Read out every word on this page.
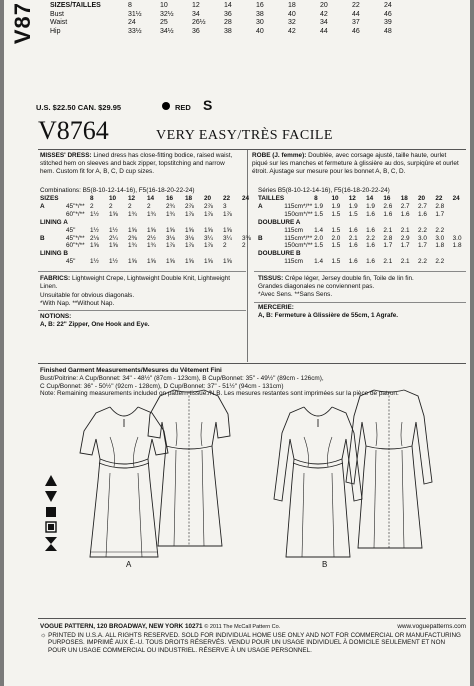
V87 SIZES/TAILLES	8	10	12	14	16	18	20	22	24
Bust	31½	32½	34	36	38	40	42	44	46
Waist	24	25	26½	28	30	32	34	37	39
Hip	33½	34½	36	38	40	42	44	46	48
U.S. $22.50 CAN. $29.95	RED S
V8764	VERY EASY/TRÈS FACILE
MISSES' DRESS: Lined dress has close-fitting bodice, raised waist, stitched hem on sleeves and back zipper, topstitching and narrow hem. Custom fit for A, B, C, D cup sizes.
ROBE (J. femme): Doublée, avec corsage ajusté, taille haute, ourlet piqué sur les manches et fermeture à glissière au dos, surpiqûre et ourlet étroit. Ajustage sur mesure pour les bonnet A, B, C, D.
Combinations: B5(8-10-12-14-16), F5(16-18-20-22-24)
SIZES		8	10	12	14	16	18	20	22	24
A	45"*/**	2	2	2	2	2¾	2⅞	2⅞	3	
	60"*/**	1½	1⅝	1¾	1¾	1¾	1⅞	1⅞	1⅞	
LINING A										
	45"	1½	1½	1⅝	1⅝	1⅝	1⅝	1⅝	1⅝	
B	45"*/**	2⅛	2¼	2⅜	2½	3⅛	3⅛	3¼	3¼	3⅜
	60"*/**	1⅝	1⅝	1¾	1¾	1⅞	1⅞	1⅞	2	2
LINING B										
	45"	1½	1½	1⅝	1⅝	1⅝	1⅝	1⅝	1⅝	
Séries B5(8-10-12-14-16), F5(16-18-20-22-24)
TAILLES		8	10	12	14	16	18	20	22	24
A	115cm*/**	1.9	1.9	1.9	1.9	2.6	2.7	2.7	2.8	
	150cm*/**	1.5	1.5	1.5	1.6	1.6	1.6	1.6	1.7	
DOUBLURE A										
	115cm	1.4	1.5	1.6	1.6	2.1	2.1	2.2	2.2	
B	115cm*/**	2.0	2.0	2.1	2.2	2.8	2.9	3.0	3.0	3.0
	150cm*/**	1.5	1.5	1.6	1.6	1.7	1.7	1.7	1.8	1.8
DOUBLURE B										
	115cm	1.4	1.5	1.6	1.6	2.1	2.1	2.2	2.2	
FABRICS: Lightweight Crepe, Lightweight Double Knit, Lightweight Linen.
Unsuitable for obvious diagonals.
*With Nap. **Without Nap.
NOTIONS:
A, B: 22" Zipper, One Hook and Eye.
TISSUS: Crêpe léger, Jersey double fin, Toile de lin fin.
Grandes diagonales ne conviennent pas.
*Avec Sens. **Sans Sens.
MERCERIE:
A, B: Fermeture à Glissière de 55cm, 1 Agrafe.
Finished Garment Measurements/Mesures du Vêtement Fini
Bust/Poitrine: A Cup/Bonnet: 34" - 48½" (87cm - 123cm), B Cup/Bonnet: 35" - 49½" (89cm - 126cm),
C Cup/Bonnet: 36" - 50½" (92cm - 128cm), D Cup/Bonnet: 37" - 51½" (94cm - 131cm)
Note: Remaining measurements included on pattern tissue./N.B. Les mesures restantes sont imprimées sur la pièce de patron.
A	B
VOGUE PATTERN, 120 BROADWAY, NEW YORK 10271 © 2011 The McCall Pattern Co.	www.voguepatterns.com
☼ PRINTED IN U.S.A. ALL RIGHTS RESERVED. SOLD FOR INDIVIDUAL HOME USE ONLY AND NOT FOR COMMERCIAL OR MANUFACTURING
PURPOSES. IMPRIMÉ AUX É.-U. TOUS DROITS RÉSERVÉS. VENDU POUR UN USAGE INDIVIDUEL À DOMICILE SEULEMENT ET NON
POUR UN USAGE COMMERCIAL OU INDUSTRIEL. RÉSERVE À UN USAGE PERSONNEL.
